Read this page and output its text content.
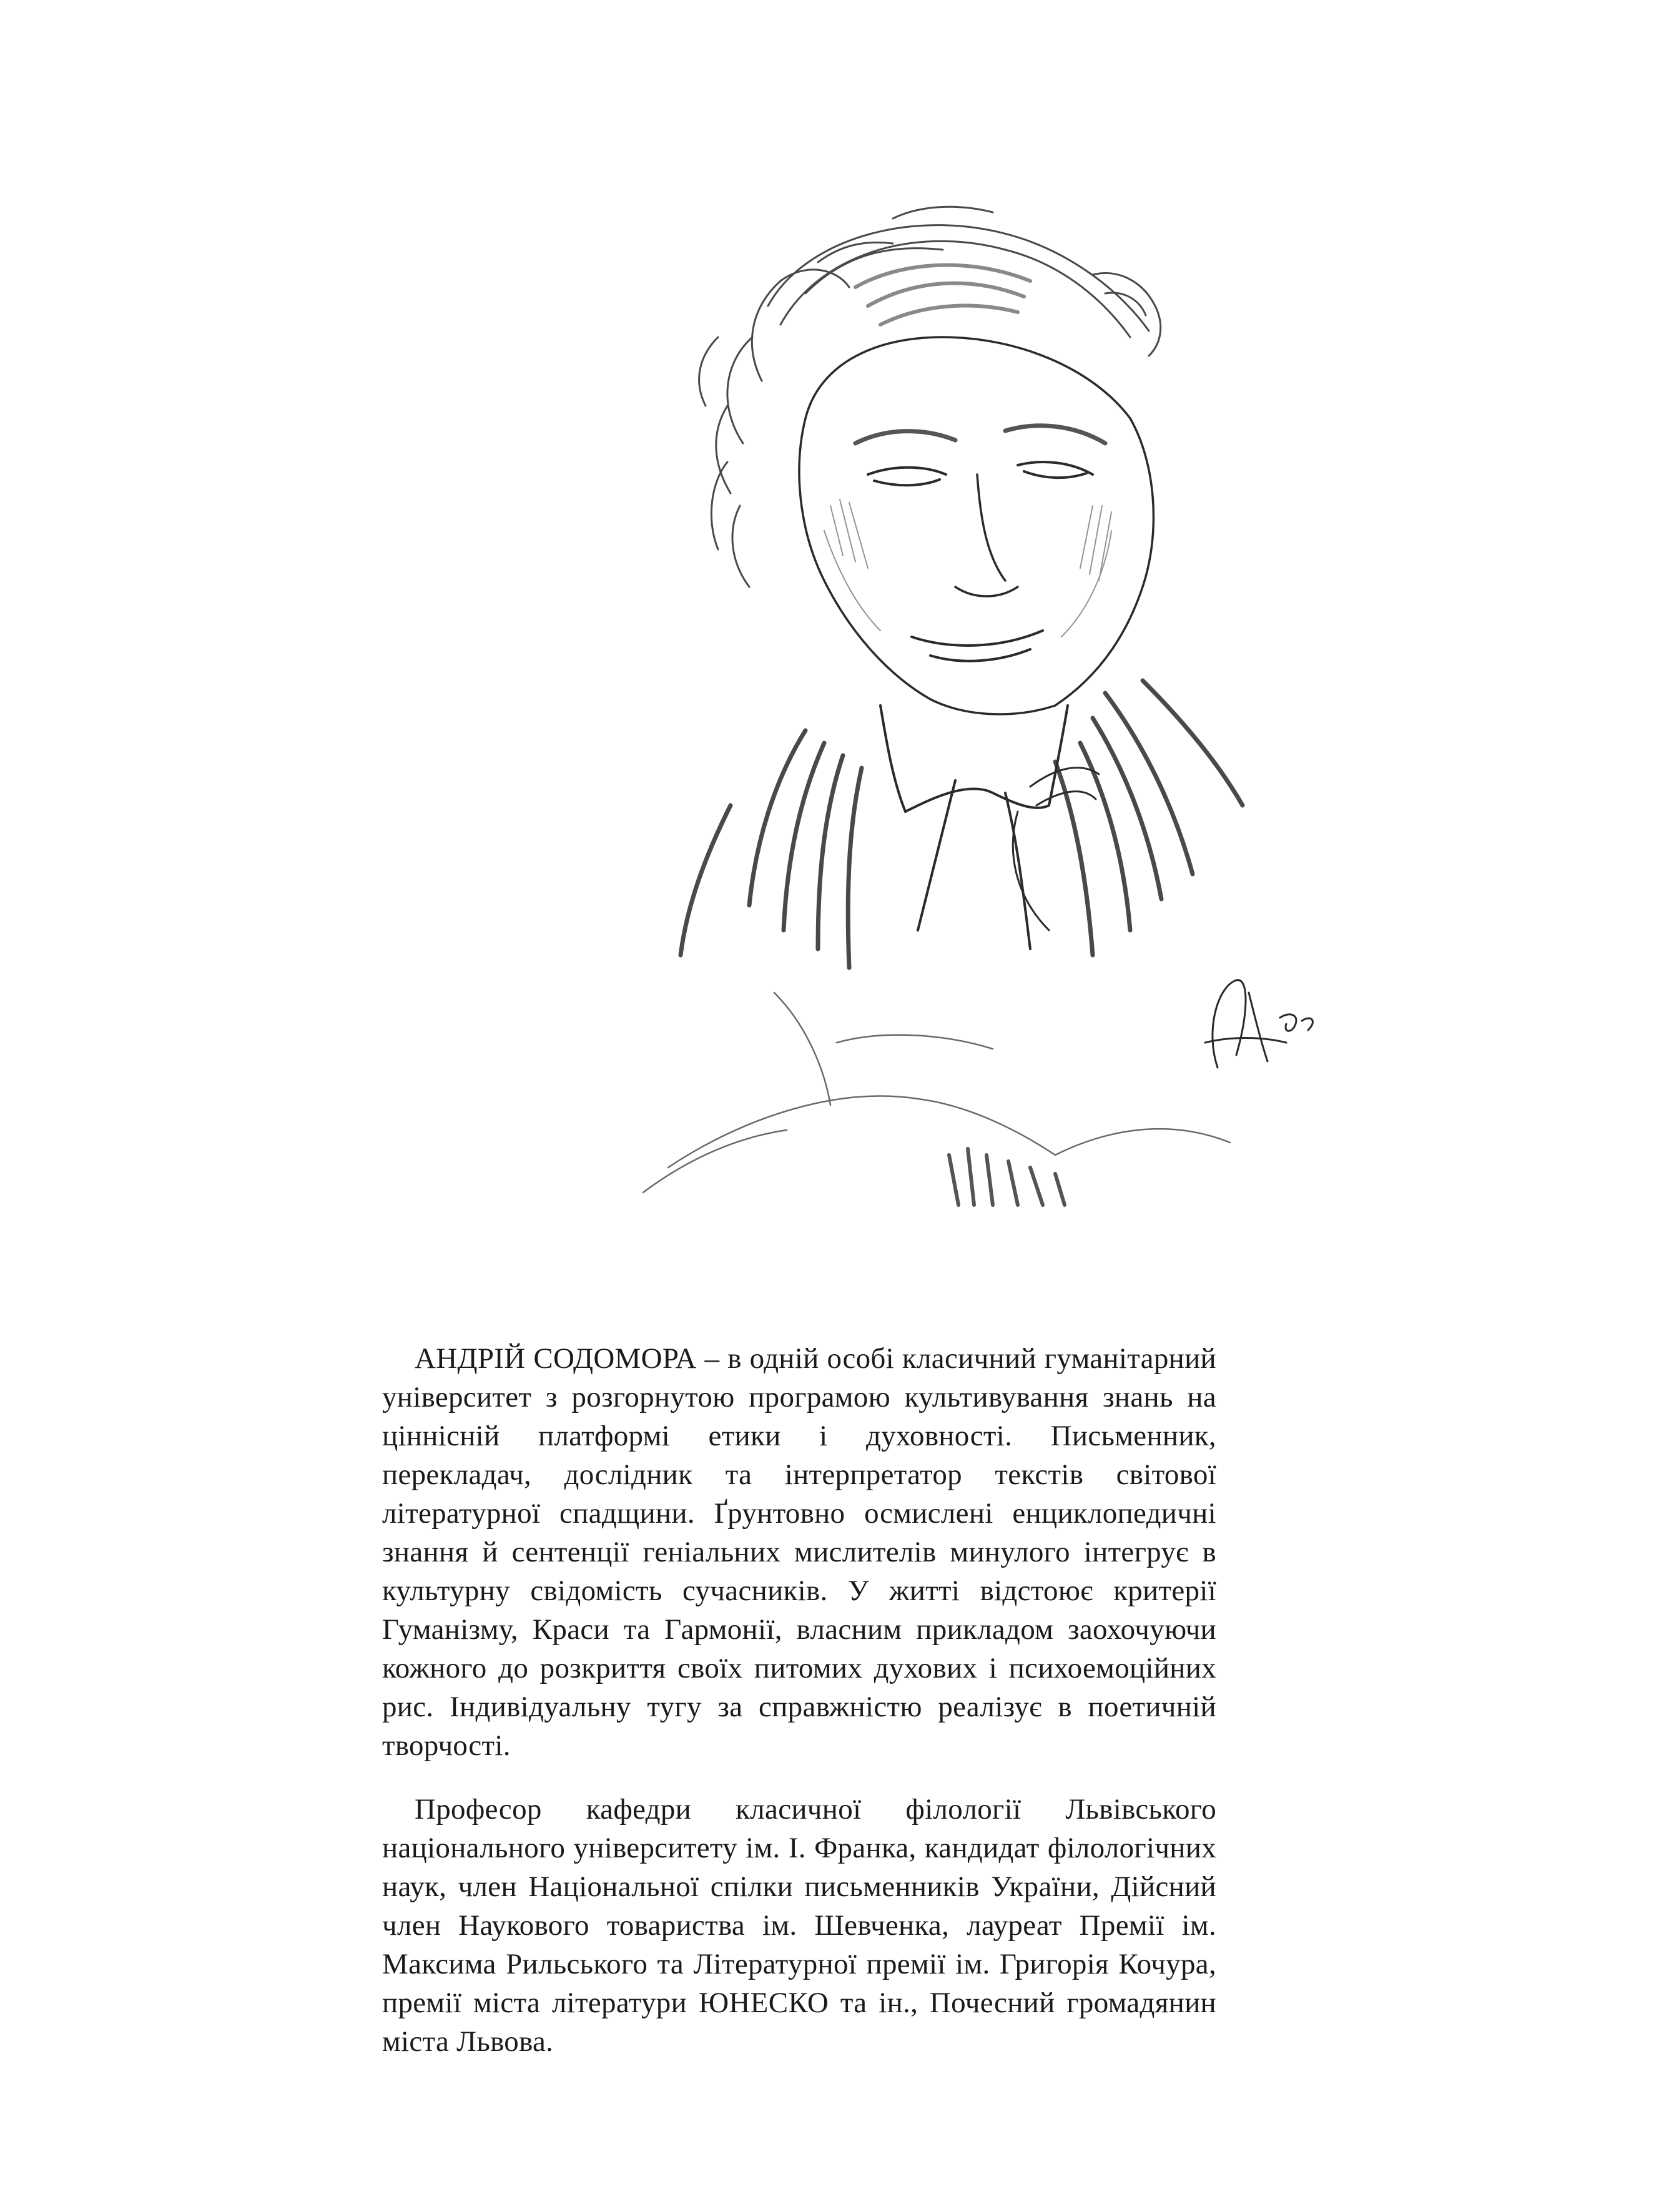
АНДРІЙ СОДОМОРА – в одній особі класичний гуманітарний університет з розгорнутою програмою культивування знань на ціннісній платформі етики і духовності. Письменник, перекладач, дослідник та інтерпретатор текстів світової літературної спадщини. Ґрунтовно осмислені енциклопедичні знання й сентенції геніальних мислителів минулого інтегрує в культурну свідомість сучасників. У житті відстоює критерії Гуманізму, Краси та Гармонії, власним прикладом заохочуючи кожного до розкриття своїх питомих духових і психоемоційних рис. Індивідуальну тугу за справжністю реалізує в поетичній творчості.

Професор кафедри класичної філології Львівського національного університету ім. І. Франка, кандидат філологічних наук, член Національної спілки письменників України, Дійсний член Наукового товариства ім. Шевченка, лауреат Премії ім. Максима Рильського та Літературної премії ім. Григорія Кочура, премії міста літератури ЮНЕСКО та ін., Почесний громадянин міста Львова.
